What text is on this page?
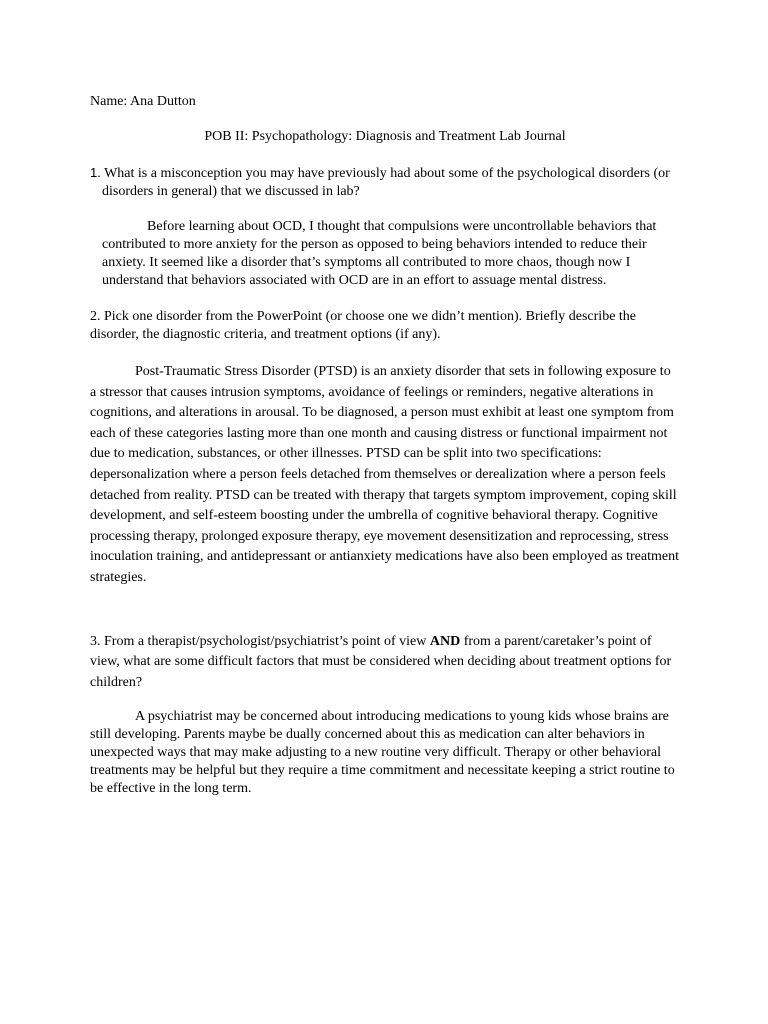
Name: Ana Dutton

POB II: Psychopathology: Diagnosis and Treatment Lab Journal

1. What is a misconception you may have previously had about some of the psychological disorders (or disorders in general) that we discussed in lab?

Before learning about OCD, I thought that compulsions were uncontrollable behaviors that contributed to more anxiety for the person as opposed to being behaviors intended to reduce their anxiety. It seemed like a disorder that’s symptoms all contributed to more chaos, though now I understand that behaviors associated with OCD are in an effort to assuage mental distress.

2. Pick one disorder from the PowerPoint (or choose one we didn’t mention). Briefly describe the disorder, the diagnostic criteria, and treatment options (if any).

Post-Traumatic Stress Disorder (PTSD) is an anxiety disorder that sets in following exposure to a stressor that causes intrusion symptoms, avoidance of feelings or reminders, negative alterations in cognitions, and alterations in arousal. To be diagnosed, a person must exhibit at least one symptom from each of these categories lasting more than one month and causing distress or functional impairment not due to medication, substances, or other illnesses. PTSD can be split into two specifications: depersonalization where a person feels detached from themselves or derealization where a person feels detached from reality. PTSD can be treated with therapy that targets symptom improvement, coping skill development, and self-esteem boosting under the umbrella of cognitive behavioral therapy. Cognitive processing therapy, prolonged exposure therapy, eye movement desensitization and reprocessing, stress inoculation training, and antidepressant or antianxiety medications have also been employed as treatment strategies.

3. From a therapist/psychologist/psychiatrist’s point of view AND from a parent/caretaker’s point of view, what are some difficult factors that must be considered when deciding about treatment options for children?

A psychiatrist may be concerned about introducing medications to young kids whose brains are still developing. Parents maybe be dually concerned about this as medication can alter behaviors in unexpected ways that may make adjusting to a new routine very difficult. Therapy or other behavioral treatments may be helpful but they require a time commitment and necessitate keeping a strict routine to be effective in the long term.
